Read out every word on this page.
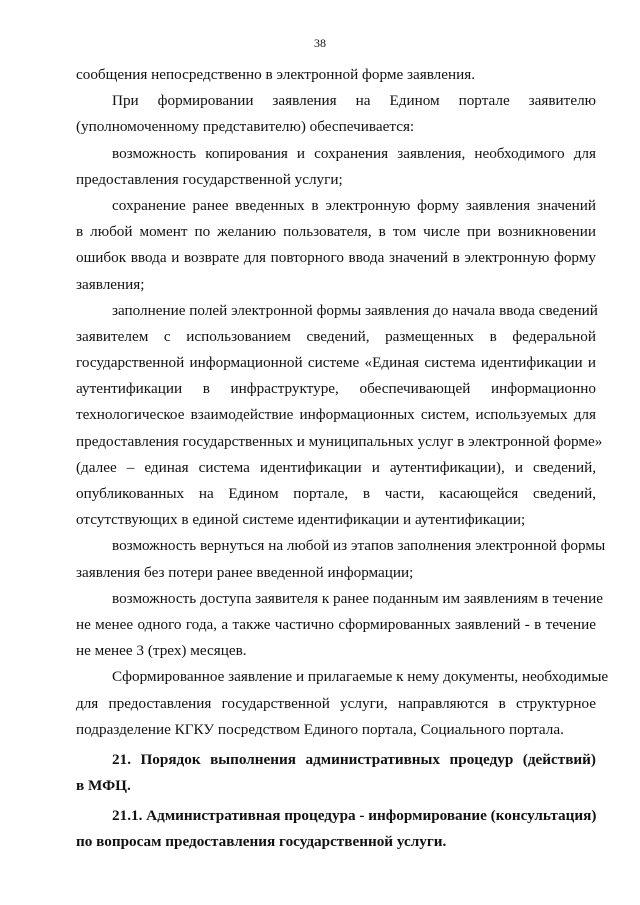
38
сообщения непосредственно в электронной форме заявления.
При формировании заявления на Едином портале заявителю
(уполномоченному представителю) обеспечивается:
возможность копирования и сохранения заявления, необходимого для
предоставления государственной услуги;
сохранение ранее введенных в электронную форму заявления значений
в любой момент по желанию пользователя, в том числе при возникновении
ошибок ввода и возврате для повторного ввода значений в электронную форму
заявления;
заполнение полей электронной формы заявления до начала ввода сведений
заявителем с использованием сведений, размещенных в федеральной
государственной информационной системе «Единая система идентификации и
аутентификации в инфраструктуре, обеспечивающей информационно
технологическое взаимодействие информационных систем, используемых для
предоставления государственных и муниципальных услуг в электронной форме»
(далее – единая система идентификации и аутентификации), и сведений,
опубликованных на Едином портале, в части, касающейся сведений,
отсутствующих в единой системе идентификации и аутентификации;
возможность вернуться на любой из этапов заполнения электронной формы
заявления без потери ранее введенной информации;
возможность доступа заявителя к ранее поданным им заявлениям в течение
не менее одного года, а также частично сформированных заявлений - в течение
не менее 3 (трех) месяцев.
Сформированное заявление и прилагаемые к нему документы, необходимые
для предоставления государственной услуги, направляются в структурное
подразделение КГКУ посредством Единого портала, Социального портала.
21. Порядок выполнения административных процедур (действий)
в МФЦ.
21.1. Административная процедура - информирование (консультация)
по вопросам предоставления государственной услуги.
